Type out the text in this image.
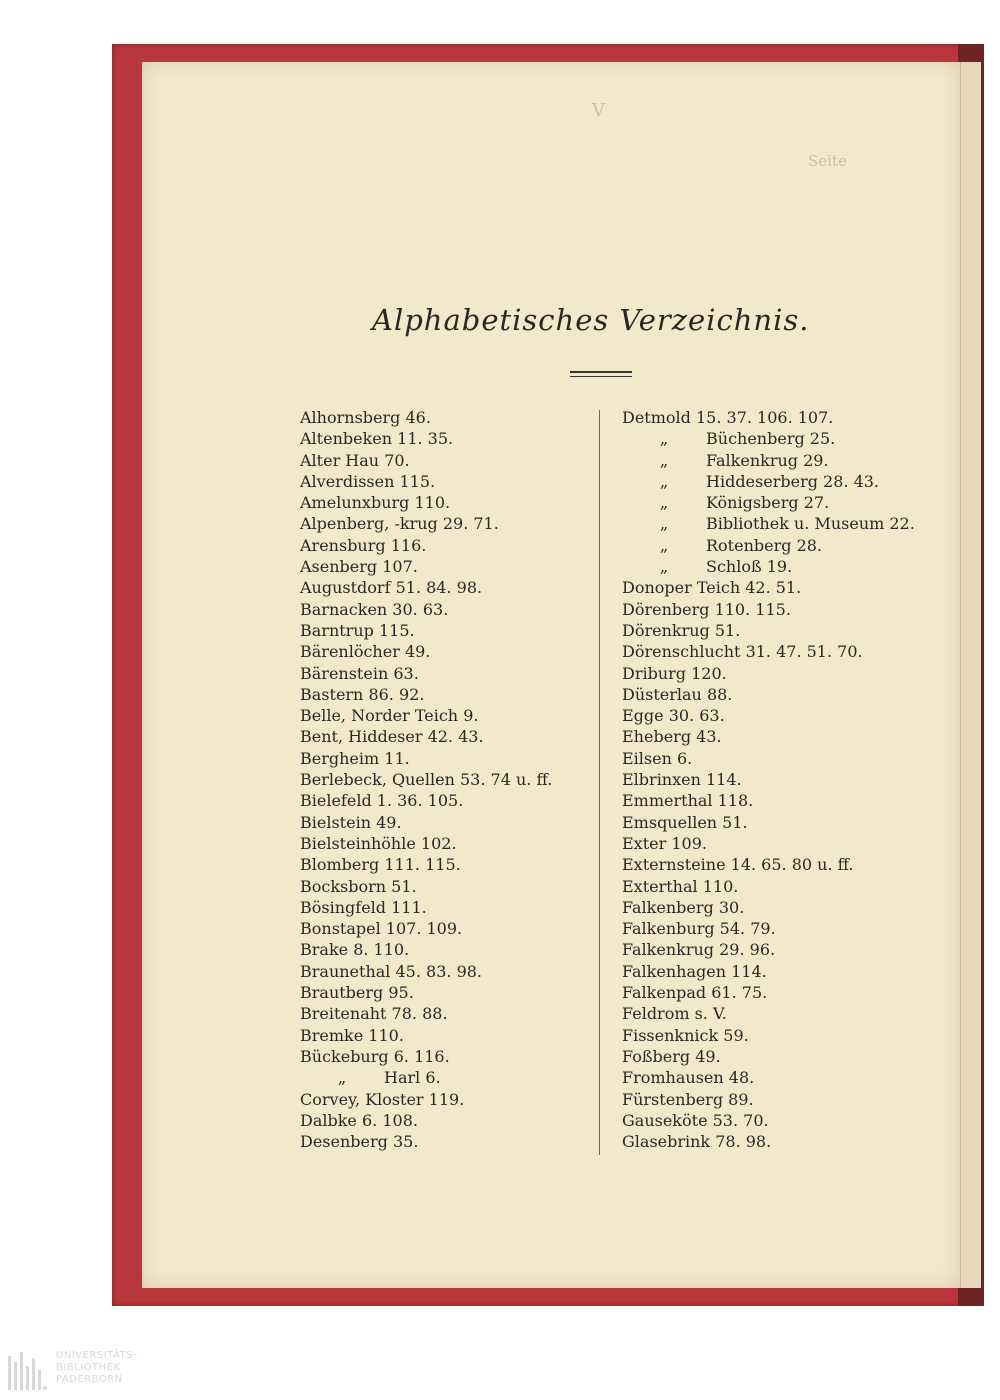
V
Seite
Alphabetisches Verzeichnis.
Alhornsberg 46.
Altenbeken 11. 35.
Alter Hau 70.
Alverdissen 115.
Amelunxburg 110.
Alpenberg, -krug 29. 71.
Arensburg 116.
Asenberg 107.
Augustdorf 51. 84. 98.
Barnacken 30. 63.
Barntrup 115.
Bärenlöcher 49.
Bärenstein 63.
Bastern 86. 92.
Belle, Norder Teich 9.
Bent, Hiddeser 42. 43.
Bergheim 11.
Berlebeck, Quellen 53. 74 u. ff.
Bielefeld 1. 36. 105.
Bielstein 49.
Bielsteinhöhle 102.
Blomberg 111. 115.
Bocksborn 51.
Bösingfeld 111.
Bonstapel 107. 109.
Brake 8. 110.
Braunethal 45. 83. 98.
Brautberg 95.
Breitenaht 78. 88.
Bremke 110.
Bückeburg 6. 116.
„ Harl 6.
Corvey, Kloster 119.
Dalbke 6. 108.
Desenberg 35.
Detmold 15. 37. 106. 107.
„ Büchenberg 25.
„ Falkenkrug 29.
„ Hiddeserberg 28. 43.
„ Königsberg 27.
„ Bibliothek u. Museum 22.
„ Rotenberg 28.
„ Schloß 19.
Donoper Teich 42. 51.
Dörenberg 110. 115.
Dörenkrug 51.
Dörenschlucht 31. 47. 51. 70.
Driburg 120.
Düsterlau 88.
Egge 30. 63.
Eheberg 43.
Eilsen 6.
Elbrinxen 114.
Emmerthal 118.
Emsquellen 51.
Exter 109.
Externsteine 14. 65. 80 u. ff.
Exterthal 110.
Falkenberg 30.
Falkenburg 54. 79.
Falkenkrug 29. 96.
Falkenhagen 114.
Falkenpad 61. 75.
Feldrom s. V.
Fissenknick 59.
Foßberg 49.
Fromhausen 48.
Fürstenberg 89.
Gauseköte 53. 70.
Glasebrink 78. 98.
UNIVERSITÄTS-
BIBLIOTHEK
PADERBORN
